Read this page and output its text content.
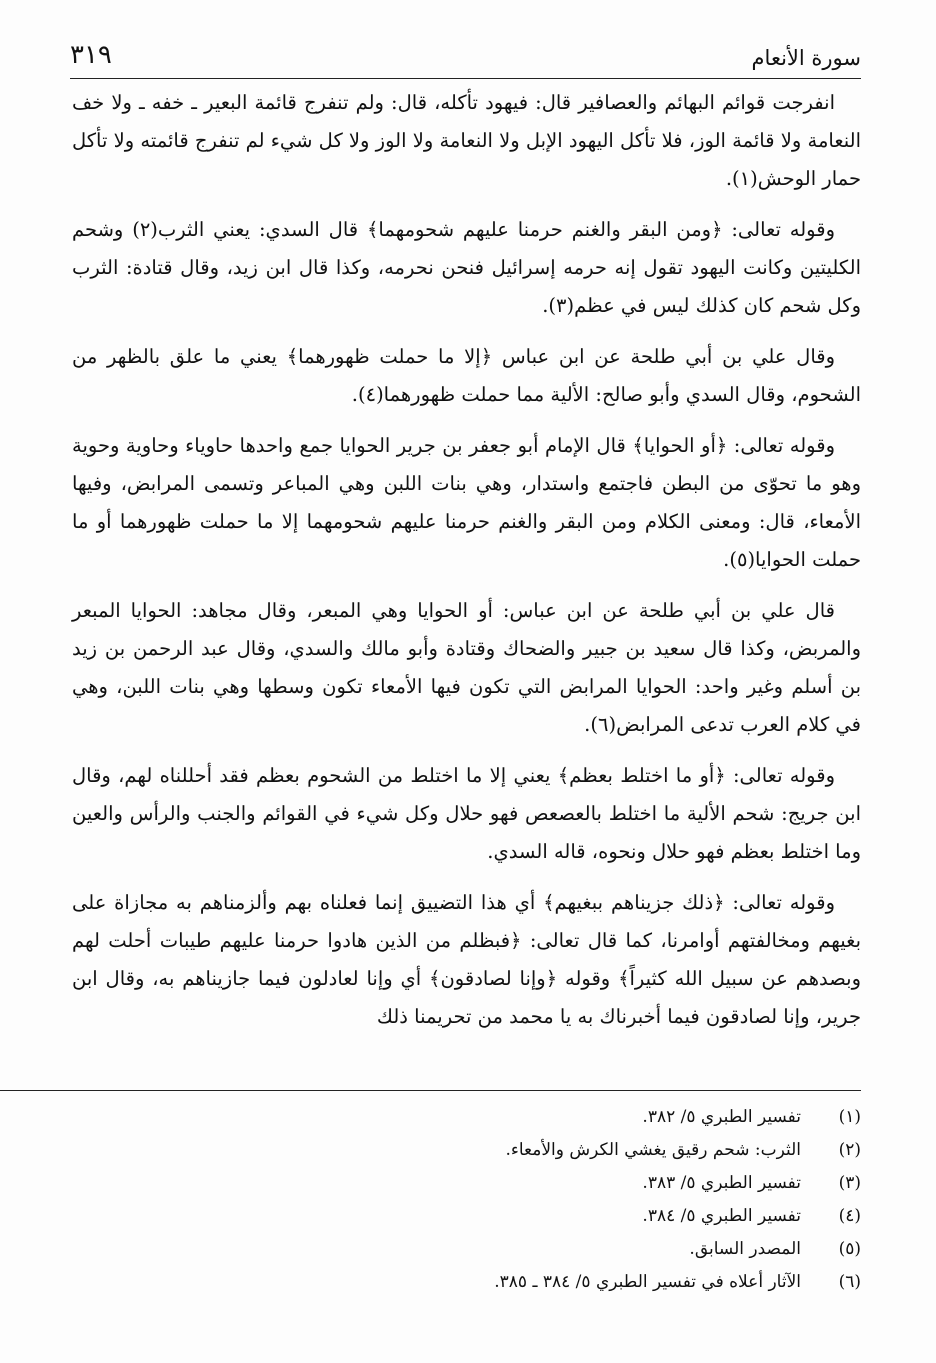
سورة الأنعام
٣١٩

انفرجت قوائم البهائم والعصافير قال: فيهود تأكله، قال: ولم تنفرج قائمة البعير ـ خفه ـ ولا خف النعامة ولا قائمة الوز، فلا تأكل اليهود الإبل ولا النعامة ولا الوز ولا كل شيء لم تنفرج قائمته ولا تأكل حمار الوحش(١).

وقوله تعالى: ﴿ومن البقر والغنم حرمنا عليهم شحومهما﴾ قال السدي: يعني الثرب(٢) وشحم الكليتين وكانت اليهود تقول إنه حرمه إسرائيل فنحن نحرمه، وكذا قال ابن زيد، وقال قتادة: الثرب وكل شحم كان كذلك ليس في عظم(٣).

وقال علي بن أبي طلحة عن ابن عباس ﴿إلا ما حملت ظهورهما﴾ يعني ما علق بالظهر من الشحوم، وقال السدي وأبو صالح: الألية مما حملت ظهورهما(٤).

وقوله تعالى: ﴿أو الحوايا﴾ قال الإمام أبو جعفر بن جرير الحوايا جمع واحدها حاوياء وحاوية وحوية وهو ما تحوّى من البطن فاجتمع واستدار، وهي بنات اللبن وهي المباعر وتسمى المرابض، وفيها الأمعاء، قال: ومعنى الكلام ومن البقر والغنم حرمنا عليهم شحومهما إلا ما حملت ظهورهما أو ما حملت الحوايا(٥).

قال علي بن أبي طلحة عن ابن عباس: أو الحوايا وهي المبعر، وقال مجاهد: الحوايا المبعر والمربض، وكذا قال سعيد بن جبير والضحاك وقتادة وأبو مالك والسدي، وقال عبد الرحمن بن زيد بن أسلم وغير واحد: الحوايا المرابض التي تكون فيها الأمعاء تكون وسطها وهي بنات اللبن، وهي في كلام العرب تدعى المرابض(٦).

وقوله تعالى: ﴿أو ما اختلط بعظم﴾ يعني إلا ما اختلط من الشحوم بعظم فقد أحللناه لهم، وقال ابن جريج: شحم الألية ما اختلط بالعصعص فهو حلال وكل شيء في القوائم والجنب والرأس والعين وما اختلط بعظم فهو حلال ونحوه، قاله السدي.

وقوله تعالى: ﴿ذلك جزيناهم ببغيهم﴾ أي هذا التضييق إنما فعلناه بهم وألزمناهم به مجازاة على بغيهم ومخالفتهم أوامرنا، كما قال تعالى: ﴿فبظلم من الذين هادوا حرمنا عليهم طيبات أحلت لهم وبصدهم عن سبيل الله كثيراً﴾ وقوله ﴿وإنا لصادقون﴾ أي وإنا لعادلون فيما جازيناهم به، وقال ابن جرير، وإنا لصادقون فيما أخبرناك به يا محمد من تحريمنا ذلك

(١)
تفسير الطبري ٥/ ٣٨٢.
(٢)
الثرب: شحم رقيق يغشي الكرش والأمعاء.
(٣)
تفسير الطبري ٥/ ٣٨٣.
(٤)
تفسير الطبري ٥/ ٣٨٤.
(٥)
المصدر السابق.
(٦)
الآثار أعلاه في تفسير الطبري ٥/ ٣٨٤ ـ ٣٨٥.
